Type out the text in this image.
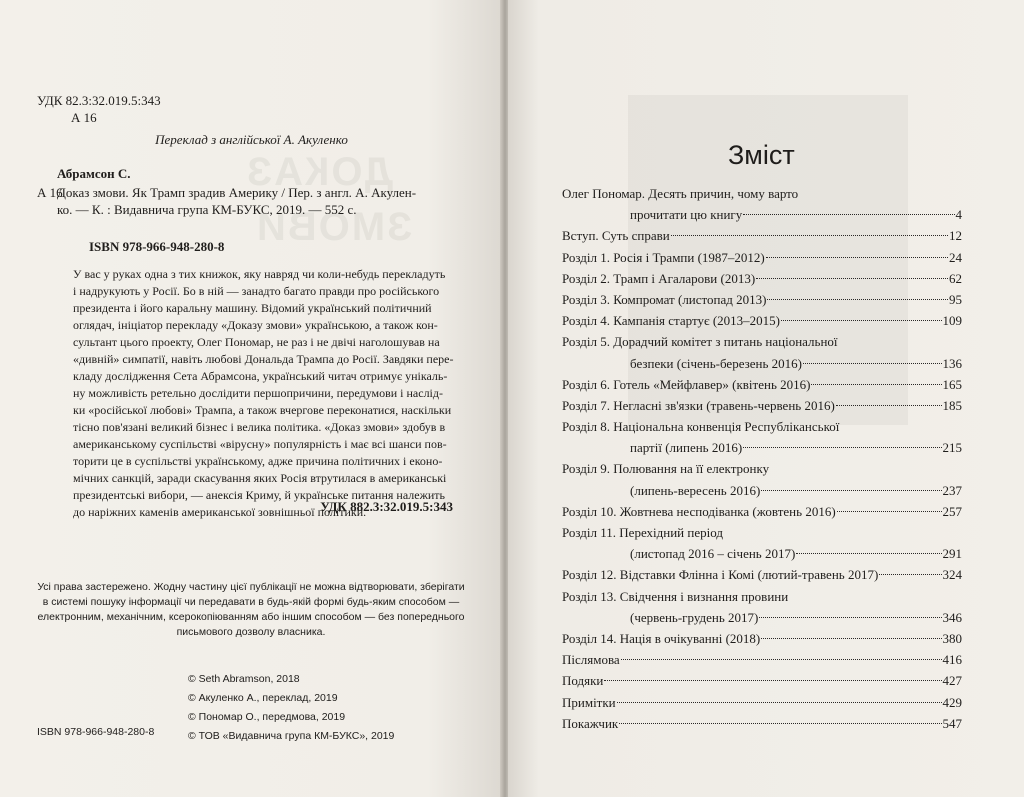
ДОКАЗ
ЗМОВИ
УДК 82.3:32.019.5:343
А 16
Переклад з англійської А. Акуленко
Абрамсон С.
А 16
Доказ змови. Як Трамп зрадив Америку / Пер. з англ. А. Акулен-
ко. — К. : Видавнича група КМ-БУКС, 2019. — 552 с.
ISBN 978-966-948-280-8
У вас у руках одна з тих книжок, яку навряд чи коли-небудь перекладуть
і надрукують у Росії. Бо в ній — занадто багато правди про російського
президента і його каральну машину. Відомий український політичний
оглядач, ініціатор перекладу «Доказу змови» українською, а також кон-
сультант цього проекту, Олег Пономар, не раз і не двічі наголошував на
«дивній» симпатії, навіть любові Дональда Трампа до Росії. Завдяки пере-
кладу дослідження Сета Абрамсона, український читач отримує унікаль-
ну можливість ретельно дослідити першопричини, передумови і наслід-
ки «російської любові» Трампа, а також вчергове переконатися, наскільки
тісно пов'язані великий бізнес і велика політика. «Доказ змови» здобув в
американському суспільстві «вірусну» популярність і має всі шанси пов-
торити це в суспільстві українському, адже причина політичних і еконо-
мічних санкцій, заради скасування яких Росія втрутилася в американські
президентські вибори, — анексія Криму, й українське питання належить
до наріжних каменів американської зовнішньої політики.
УДК 882.3:32.019.5:343
Усі права застережено. Жодну частину цієї публікації не можна відтворювати, зберігати
в системі пошуку інформації чи передавати в будь-якій формі будь-яким способом —
електронним, механічним, ксерокопіюванням або іншим способом — без попереднього
письмового дозволу власника.
© Seth Abramson, 2018
© Акуленко А., переклад, 2019
© Пономар О., передмова, 2019
© ТОВ «Видавнича група КМ-БУКС», 2019
ISBN 978-966-948-280-8
Зміст
Олег Пономар. Десять причин, чому варто
прочитати цю книгу	4
Вступ. Суть справи	12
Розділ 1. Росія і Трампи (1987–2012)	24
Розділ 2. Трамп і Агаларови (2013)	62
Розділ 3. Компромат (листопад 2013)	95
Розділ 4. Кампанія стартує (2013–2015)	109
Розділ 5. Дорадчий комітет з питань національної
безпеки (січень-березень 2016)	136
Розділ 6. Готель «Мейфлавер» (квітень 2016)	165
Розділ 7. Негласні зв'язки (травень-червень 2016)	185
Розділ 8. Національна конвенція Республіканської
партії (липень 2016)	215
Розділ 9. Полювання на її електронку
(липень-вересень 2016)	237
Розділ 10. Жовтнева несподіванка (жовтень 2016)	257
Розділ 11. Перехідний період
(листопад 2016 – січень 2017)	291
Розділ 12. Відставки Флінна і Комі (лютий-травень 2017)	324
Розділ 13. Свідчення і визнання провини
(червень-грудень 2017)	346
Розділ 14. Нація в очікуванні (2018)	380
Післямова	416
Подяки	427
Примітки	429
Покажчик	547
